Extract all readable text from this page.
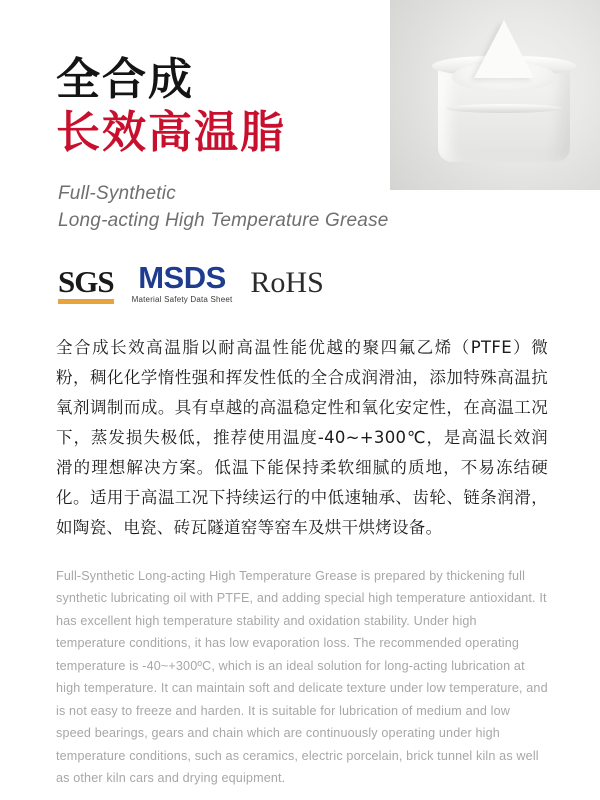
全合成
长效高温脂
Full-Synthetic
Long-acting High Temperature Grease
SGS MSDS
Material Safety Data Sheet
RoHS

全合成长效高温脂以耐高温性能优越的聚四氟乙烯（PTFE）微粉，稠化化学惰性强和挥发性低的全合成润滑油，添加特殊高温抗氧剂调制而成。具有卓越的高温稳定性和氧化安定性，在高温工况下，蒸发损失极低，推荐使用温度-40~+300℃，是高温长效润滑的理想解决方案。低温下能保持柔软细腻的质地，不易冻结硬化。适用于高温工况下持续运行的中低速轴承、齿轮、链条润滑，如陶瓷、电瓷、砖瓦隧道窑等窑车及烘干烘烤设备。

Full-Synthetic Long-acting High Temperature Grease is prepared by thickening full synthetic lubricating oil with PTFE, and adding special high temperature antioxidant. It has excellent high temperature stability and oxidation stability. Under high temperature conditions, it has low evaporation loss. The recommended operating temperature is -40~+300ºC, which is an ideal solution for long-acting lubrication at high temperature. It can maintain soft and delicate texture under low temperature, and is not easy to freeze and harden. It is suitable for lubrication of medium and low speed bearings, gears and chain which are continuously operating under high temperature conditions, such as ceramics, electric porcelain, brick tunnel kiln as well as other kiln cars and drying equipment.
